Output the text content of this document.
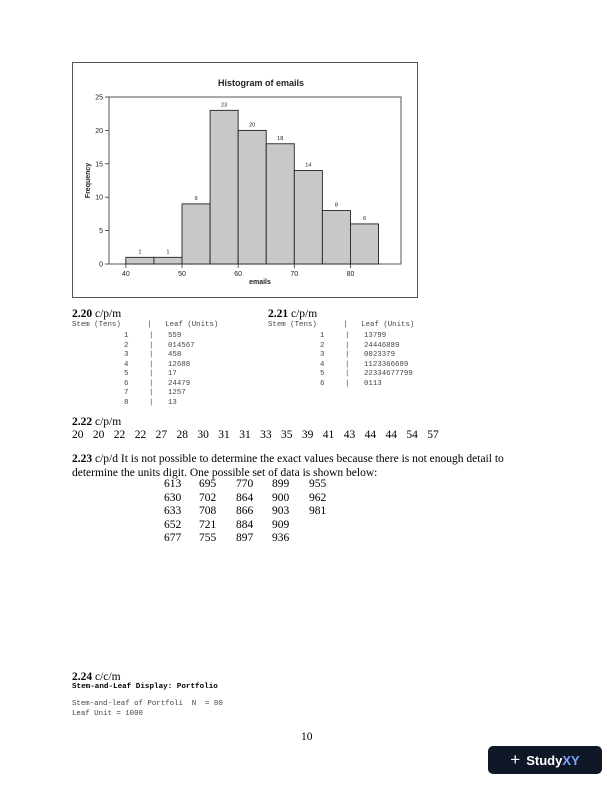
Histogram of emails
1	1
9
23
20
18
14
8
6
0
5
10
15
20
25
40	50	60	70	80
emails
Frequency
2.20 c/p/m
Stem (Tens)      |   Leaf (Units)
1	| 559
2	| 014567
3	| 458
4	| 12688
5	| 17
6	| 24479
7	| 1257
8	| 13
2.21 c/p/m
Stem (Tens)      |   Leaf (Units)
1	| 13799
2	| 24446889
3	| 0023379
4	| 1123366689
5	| 22334677799
6	| 0113
2.22 c/p/m
20 20 22 22 27 28 30 31 31 33 35 39 41 43 44 44 54 57
2.23 c/p/d It is not possible to determine the exact values because there is not enough detail to determine the units digit. One possible set of data is shown below:
613 695 770 899 955
630 702 864 900 962
633 708 866 903 981
652 721 884 909
677 755 897 936
2.24 c/c/m
Stem-and-Leaf Display: Portfolio
Stem-and-leaf of Portfoli  N  = 80
Leaf Unit = 1000
10
+ Study XY
